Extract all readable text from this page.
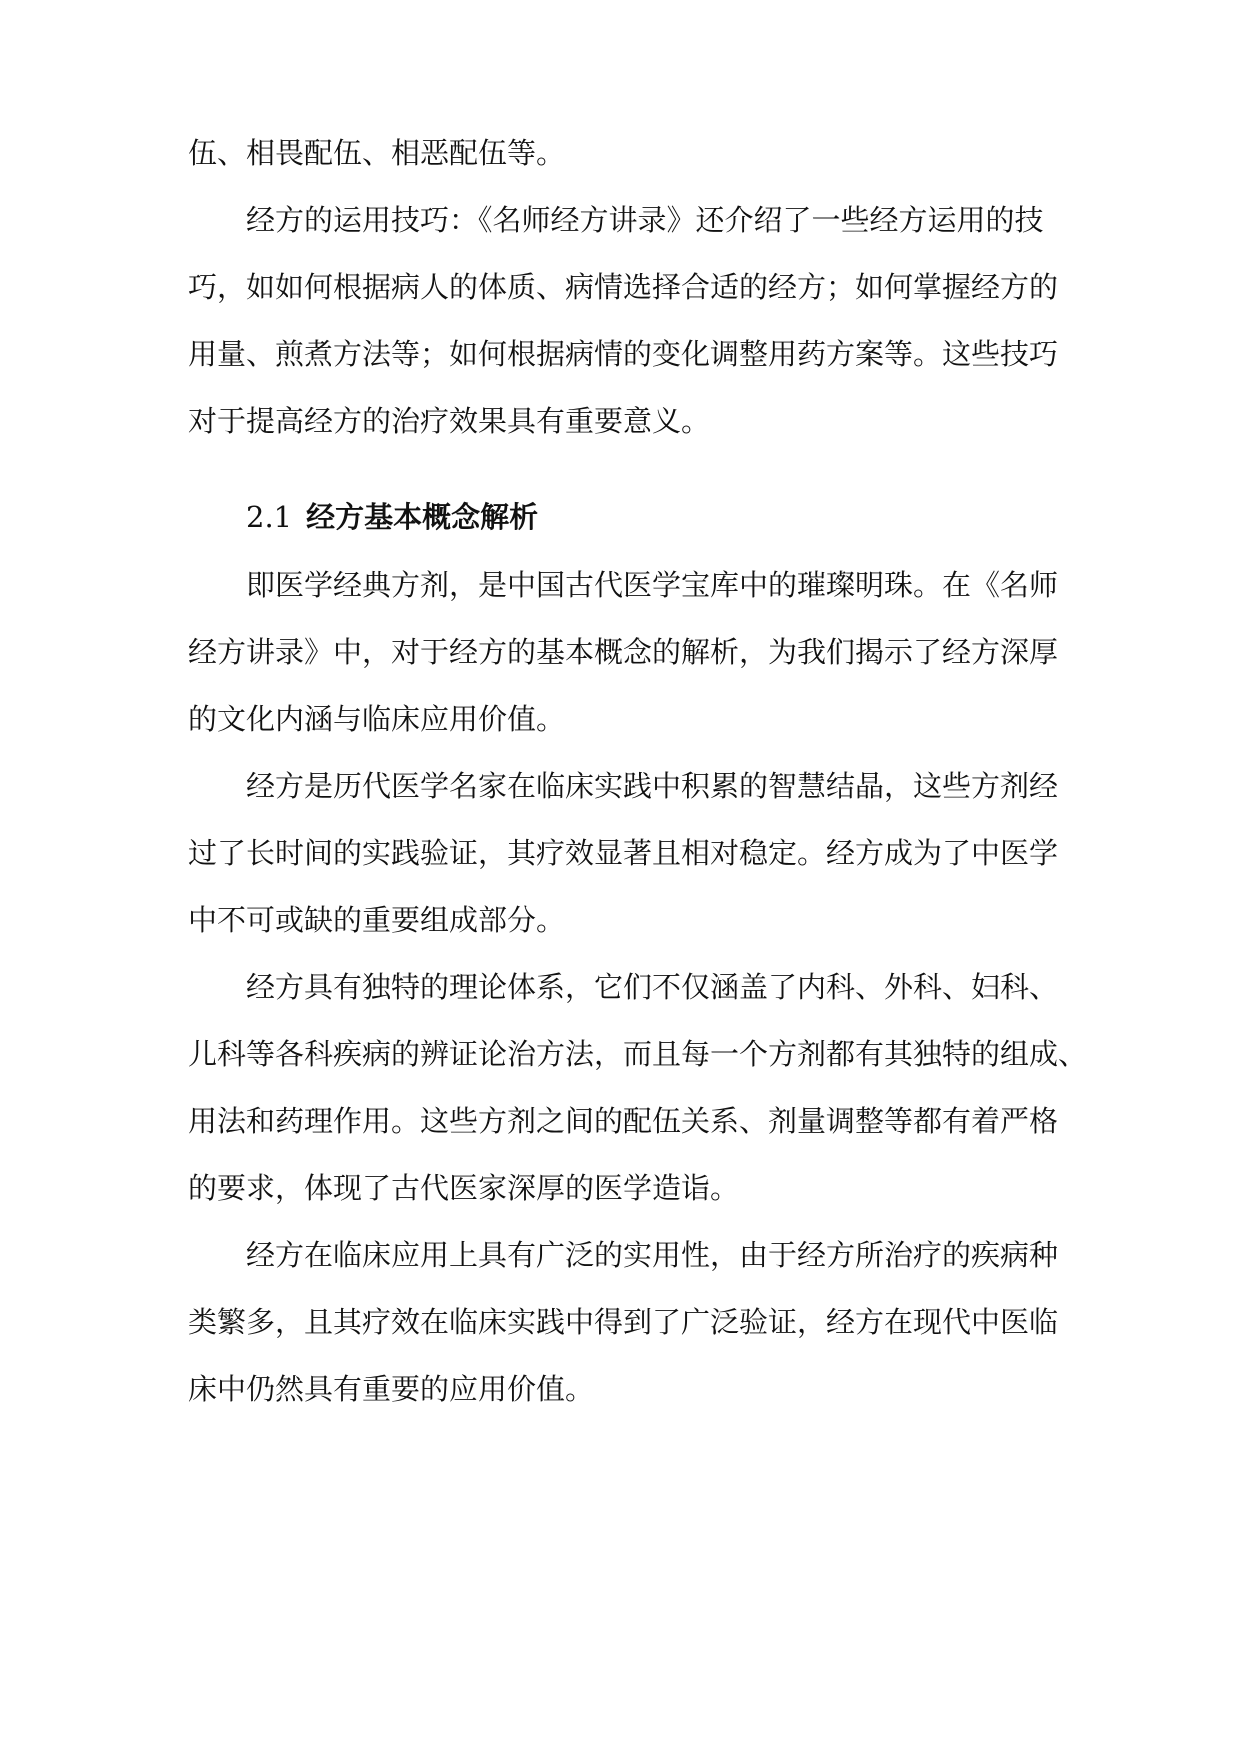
伍、相畏配伍、相恶配伍等。
经方的运用技巧：《名师经方讲录》还介绍了一些经方运用的技
巧，如如何根据病人的体质、病情选择合适的经方；如何掌握经方的
用量、煎煮方法等；如何根据病情的变化调整用药方案等。这些技巧
对于提高经方的治疗效果具有重要意义。
2.1 经方基本概念解析
即医学经典方剂，是中国古代医学宝库中的璀璨明珠。在《名师
经方讲录》中，对于经方的基本概念的解析，为我们揭示了经方深厚
的文化内涵与临床应用价值。
经方是历代医学名家在临床实践中积累的智慧结晶，这些方剂经
过了长时间的实践验证，其疗效显著且相对稳定。经方成为了中医学
中不可或缺的重要组成部分。
经方具有独特的理论体系，它们不仅涵盖了内科、外科、妇科、
儿科等各科疾病的辨证论治方法，而且每一个方剂都有其独特的组成、
用法和药理作用。这些方剂之间的配伍关系、剂量调整等都有着严格
的要求，体现了古代医家深厚的医学造诣。
经方在临床应用上具有广泛的实用性，由于经方所治疗的疾病种
类繁多，且其疗效在临床实践中得到了广泛验证，经方在现代中医临
床中仍然具有重要的应用价值。
